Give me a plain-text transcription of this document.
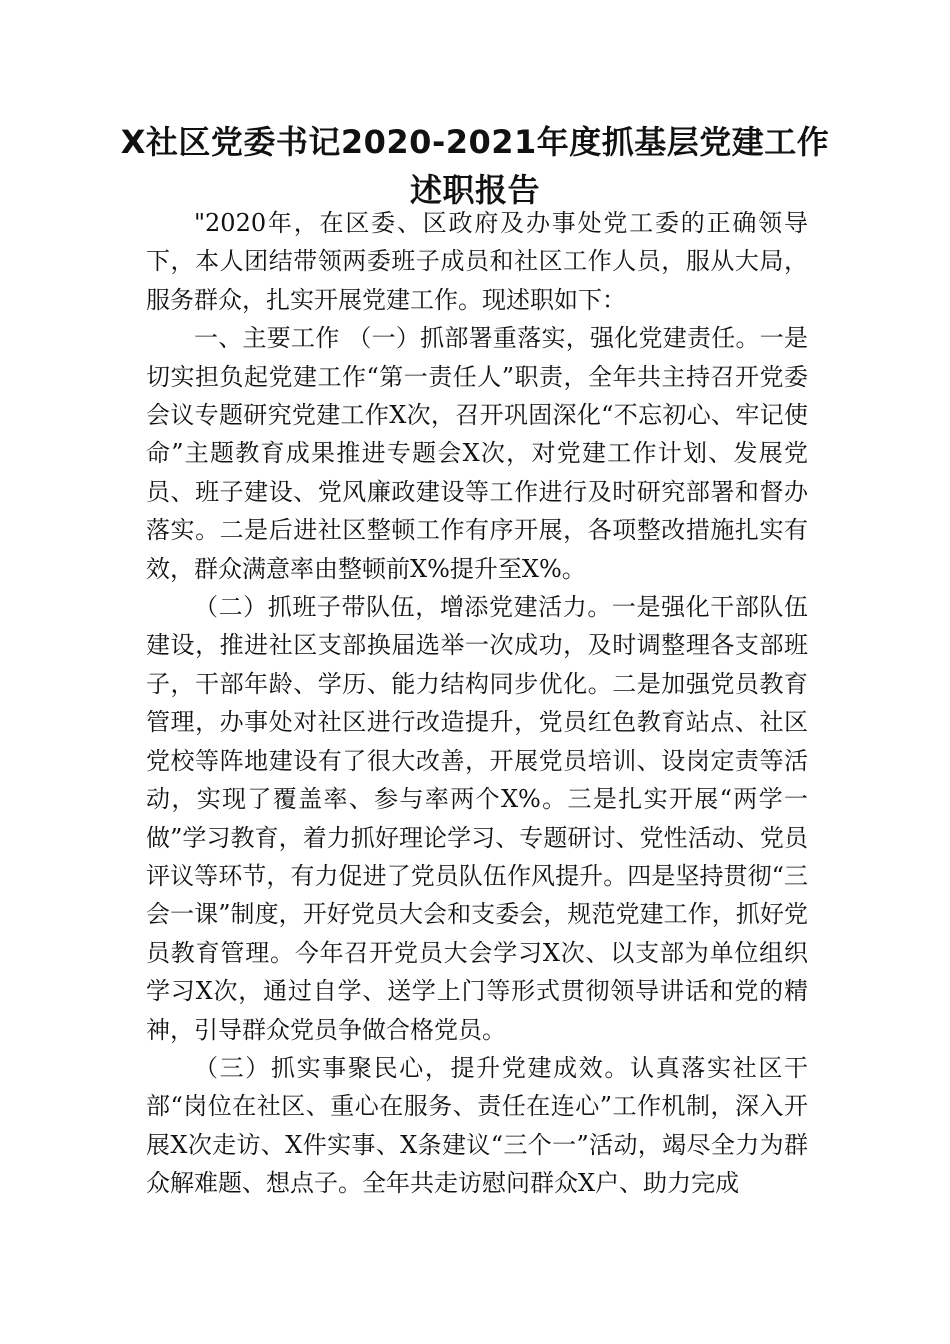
X社区党委书记2020-2021年度抓基层党建工作述职报告

"2020年，在区委、区政府及办事处党工委的正确领导下，本人团结带领两委班子成员和社区工作人员，服从大局，服务群众，扎实开展党建工作。现述职如下：

一、主要工作 （一）抓部署重落实，强化党建责任。一是切实担负起党建工作“第一责任人”职责，全年共主持召开党委会议专题研究党建工作X次，召开巩固深化“不忘初心、牢记使命”主题教育成果推进专题会X次，对党建工作计划、发展党员、班子建设、党风廉政建设等工作进行及时研究部署和督办落实。二是后进社区整顿工作有序开展，各项整改措施扎实有效，群众满意率由整顿前X%提升至X%。

（二）抓班子带队伍，增添党建活力。一是强化干部队伍建设，推进社区支部换届选举一次成功，及时调整理各支部班子，干部年龄、学历、能力结构同步优化。二是加强党员教育管理，办事处对社区进行改造提升，党员红色教育站点、社区党校等阵地建设有了很大改善，开展党员培训、设岗定责等活动，实现了覆盖率、参与率两个X%。三是扎实开展“两学一做”学习教育，着力抓好理论学习、专题研讨、党性活动、党员评议等环节，有力促进了党员队伍作风提升。四是坚持贯彻“三会一课”制度，开好党员大会和支委会，规范党建工作，抓好党员教育管理。今年召开党员大会学习X次、以支部为单位组织学习X次，通过自学、送学上门等形式贯彻领导讲话和党的精神，引导群众党员争做合格党员。

（三）抓实事聚民心，提升党建成效。认真落实社区干部“岗位在社区、重心在服务、责任在连心”工作机制，深入开展X次走访、X件实事、X条建议“三个一”活动，竭尽全力为群众解难题、想点子。全年共走访慰问群众X户、助力完成
